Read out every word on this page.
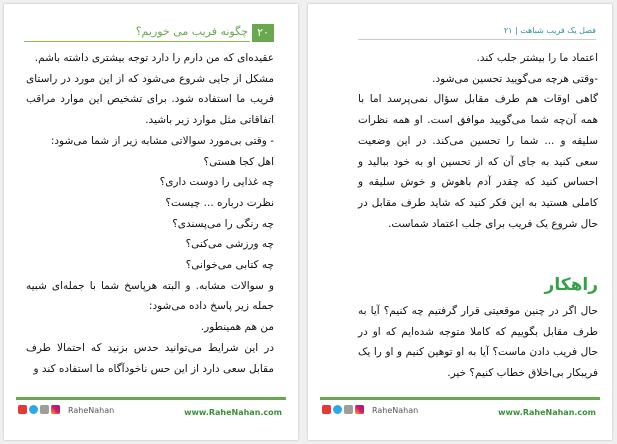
۲۰
چگونه فریب می خوریم؟

عقیده‌ای که من دارم را دارد توجه بیشتری داشته باشم.

مشکل از جایی شروع می‌شود که از این مورد در راستای فریب ما استفاده شود. برای تشخیص این موارد مراقب اتفاقاتی مثل موارد زیر باشید.

- وقتی بی‌مورد سوالاتی مشابه زیر از شما می‌شود:

اهل کجا هستی؟

چه غذایی را دوست داری؟

نظرت درباره ... چیست؟

چه رنگی را می‌پسندی؟

چه ورزشی می‌کنی؟

چه کتابی می‌خوانی؟

و سوالات مشابه. و البته هرپاسخ شما با جمله‌ای شبیه جمله زیر پاسخ داده می‌شود:

من هم همینطور.

در این شرایط می‌توانید حدس بزنید که احتمالا طرف مقابل سعی دارد از این حس ناخودآگاه ما استفاده کند و

www.RaheNahan.com
RaheNahan
فصل یک فریب شباهت | ۲۱

اعتماد ما را بیشتر جلب کند.

-وقتی هرچه می‌گویید تحسین می‌شود.

گاهی اوقات هم طرف مقابل سؤال نمی‌پرسد اما با همه آن‌چه شما می‌گویید موافق است. او همه نظرات سلیقه و ... شما را تحسین می‌کند. در این وضعیت سعی کنید به جای آن که از تحسین او به خود ببالید و احساس کنید که چقدر آدم باهوش و خوش سلیقه و کاملی هستید به این فکر کنید که شاید طرف مقابل در حال شروع یک فریب برای جلب اعتماد شماست.

راهکار

حال اگر در چنین موقعیتی قرار گرفتیم چه کنیم؟ آیا به طرف مقابل بگوییم که کاملا متوجه شده‌ایم که او در حال فریب دادن ماست؟ آیا به او توهین کنیم و او را یک فریبکار بی‌اخلاق خطاب کنیم؟ خیر.

www.RaheNahan.com
RaheNahan
